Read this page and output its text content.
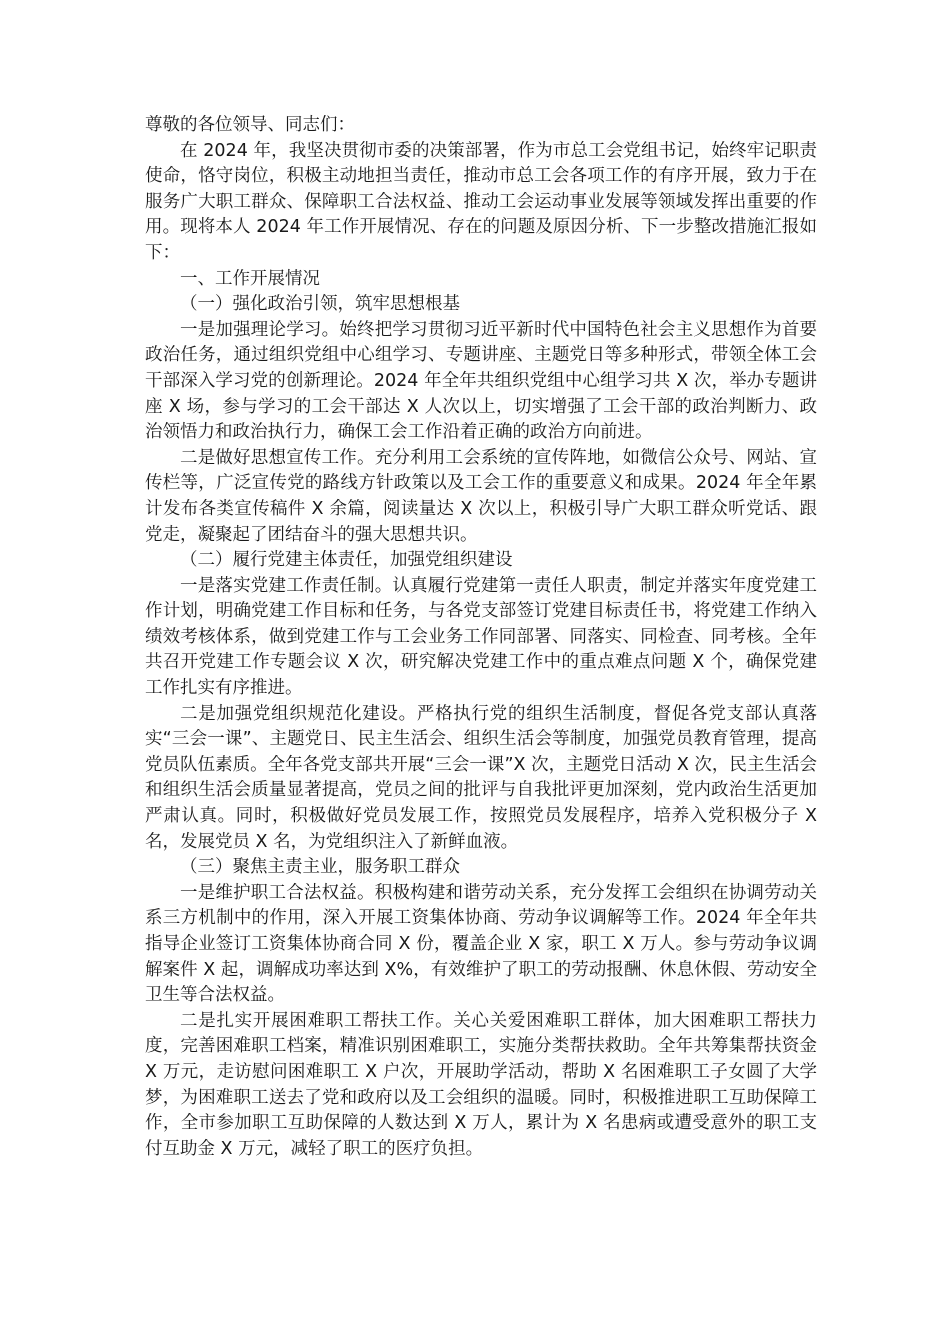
尊敬的各位领导、同志们：

在 2024 年，我坚决贯彻市委的决策部署，作为市总工会党组书记，始终牢记职责使命，恪守岗位，积极主动地担当责任，推动市总工会各项工作的有序开展，致力于在服务广大职工群众、保障职工合法权益、推动工会运动事业发展等领域发挥出重要的作用。现将本人 2024 年工作开展情况、存在的问题及原因分析、下一步整改措施汇报如下：

一、工作开展情况

（一）强化政治引领，筑牢思想根基

一是加强理论学习。始终把学习贯彻习近平新时代中国特色社会主义思想作为首要政治任务，通过组织党组中心组学习、专题讲座、主题党日等多种形式，带领全体工会干部深入学习党的创新理论。2024 年全年共组织党组中心组学习共 X 次，举办专题讲座 X 场，参与学习的工会干部达 X 人次以上，切实增强了工会干部的政治判断力、政治领悟力和政治执行力，确保工会工作沿着正确的政治方向前进。

二是做好思想宣传工作。充分利用工会系统的宣传阵地，如微信公众号、网站、宣传栏等，广泛宣传党的路线方针政策以及工会工作的重要意义和成果。2024 年全年累计发布各类宣传稿件 X 余篇，阅读量达 X 次以上，积极引导广大职工群众听党话、跟党走，凝聚起了团结奋斗的强大思想共识。

（二）履行党建主体责任，加强党组织建设

一是落实党建工作责任制。认真履行党建第一责任人职责，制定并落实年度党建工作计划，明确党建工作目标和任务，与各党支部签订党建目标责任书，将党建工作纳入绩效考核体系，做到党建工作与工会业务工作同部署、同落实、同检查、同考核。全年共召开党建工作专题会议 X 次，研究解决党建工作中的重点难点问题 X 个，确保党建工作扎实有序推进。

二是加强党组织规范化建设。严格执行党的组织生活制度，督促各党支部认真落实“三会一课”、主题党日、民主生活会、组织生活会等制度，加强党员教育管理，提高党员队伍素质。全年各党支部共开展“三会一课”X 次，主题党日活动 X 次，民主生活会和组织生活会质量显著提高，党员之间的批评与自我批评更加深刻，党内政治生活更加严肃认真。同时，积极做好党员发展工作，按照党员发展程序，培养入党积极分子 X 名，发展党员 X 名，为党组织注入了新鲜血液。

（三）聚焦主责主业，服务职工群众

一是维护职工合法权益。积极构建和谐劳动关系，充分发挥工会组织在协调劳动关系三方机制中的作用，深入开展工资集体协商、劳动争议调解等工作。2024 年全年共指导企业签订工资集体协商合同 X 份，覆盖企业 X 家，职工 X 万人。参与劳动争议调解案件 X 起，调解成功率达到 X%，有效维护了职工的劳动报酬、休息休假、劳动安全卫生等合法权益。

二是扎实开展困难职工帮扶工作。关心关爱困难职工群体，加大困难职工帮扶力度，完善困难职工档案，精准识别困难职工，实施分类帮扶救助。全年共筹集帮扶资金 X 万元，走访慰问困难职工 X 户次，开展助学活动，帮助 X 名困难职工子女圆了大学梦，为困难职工送去了党和政府以及工会组织的温暖。同时，积极推进职工互助保障工作，全市参加职工互助保障的人数达到 X 万人，累计为 X 名患病或遭受意外的职工支付互助金 X 万元，减轻了职工的医疗负担。
